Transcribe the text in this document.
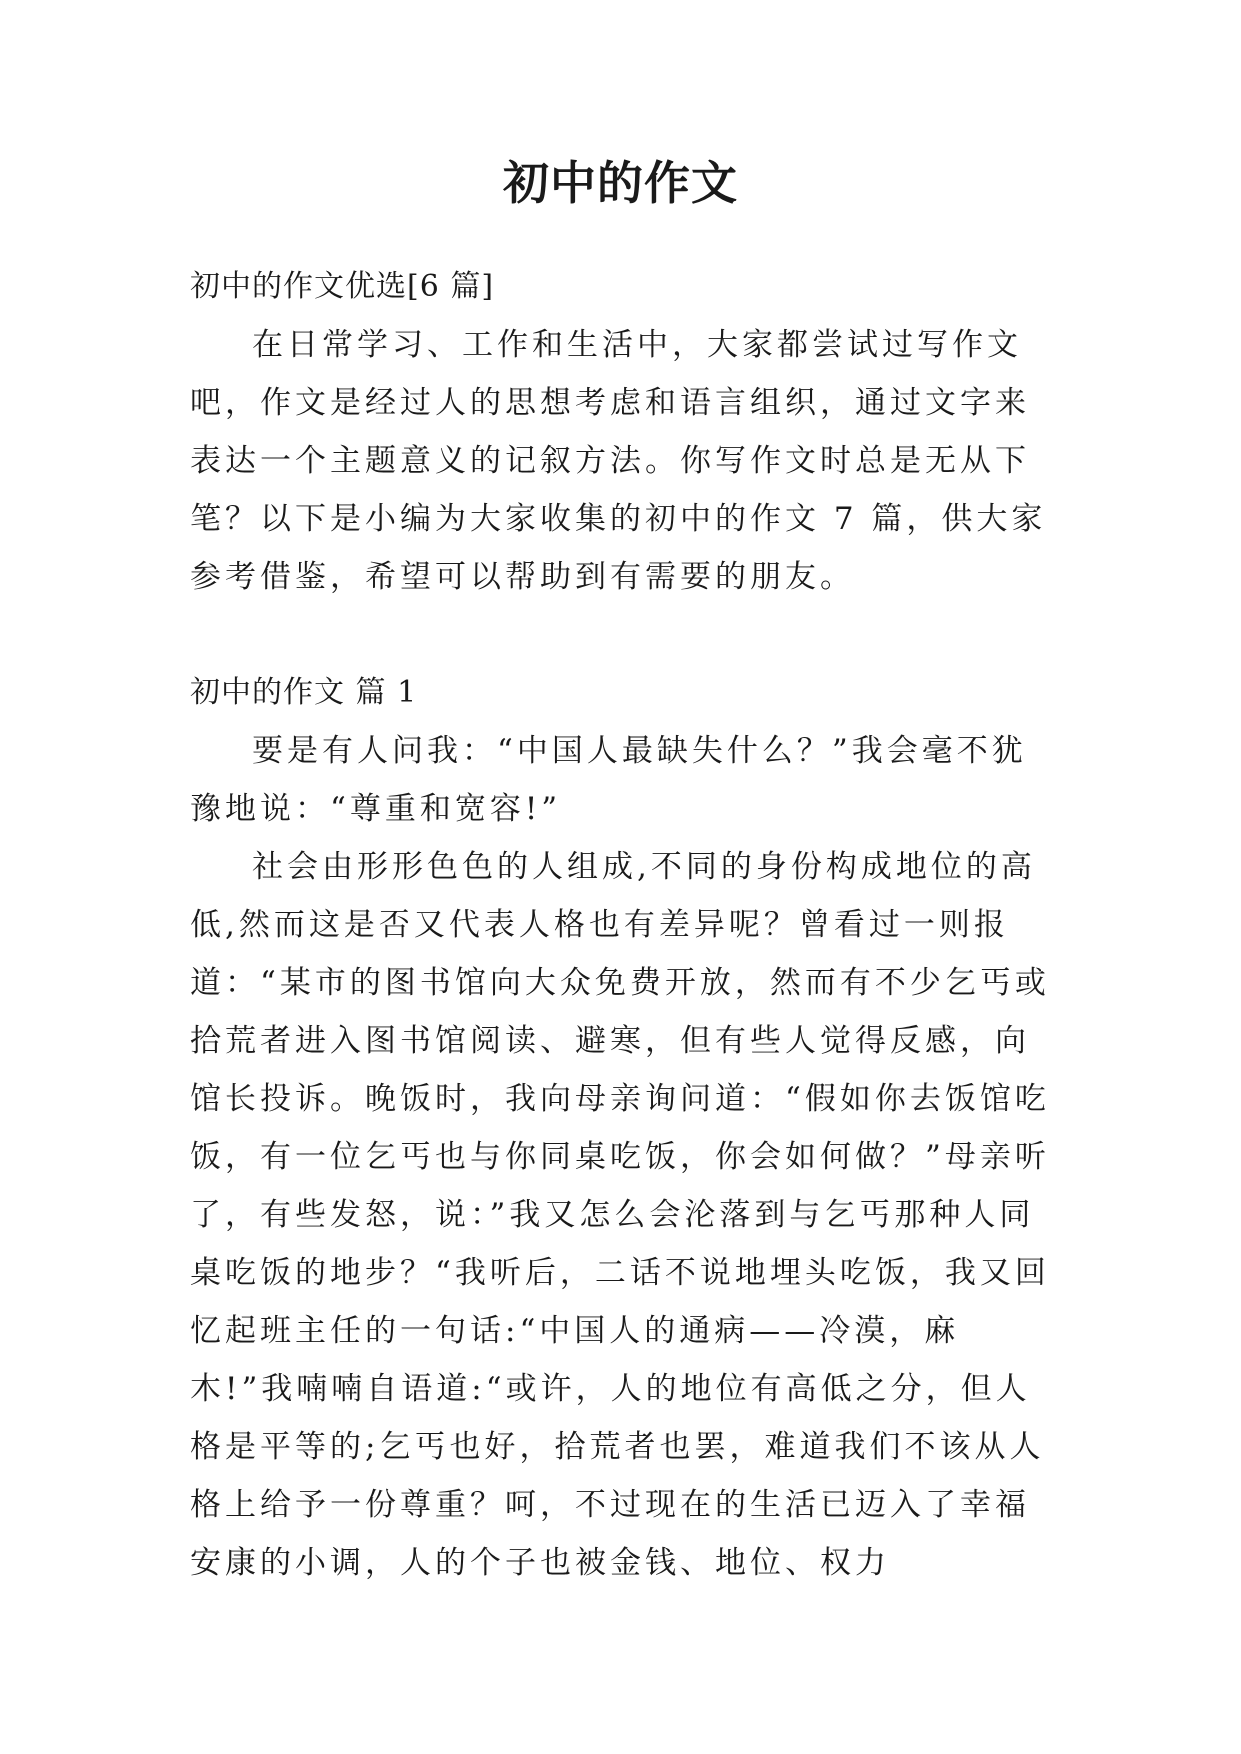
初中的作文

初中的作文优选[6 篇]

在日常学习、工作和生活中，大家都尝试过写作文吧，作文是经过人的思想考虑和语言组织，通过文字来表达一个主题意义的记叙方法。你写作文时总是无从下笔？以下是小编为大家收集的初中的作文 7 篇，供大家参考借鉴，希望可以帮助到有需要的朋友。

初中的作文 篇 1

要是有人问我：“中国人最缺失什么？”我会毫不犹豫地说：“尊重和宽容!”

社会由形形色色的人组成,不同的身份构成地位的高低,然而这是否又代表人格也有差异呢？曾看过一则报道：“某市的图书馆向大众免费开放，然而有不少乞丐或拾荒者进入图书馆阅读、避寒，但有些人觉得反感，向馆长投诉。晚饭时，我向母亲询问道：“假如你去饭馆吃饭，有一位乞丐也与你同桌吃饭，你会如何做？”母亲听了，有些发怒，说：”我又怎么会沦落到与乞丐那种人同桌吃饭的地步？“我听后，二话不说地埋头吃饭，我又回忆起班主任的一句话:“中国人的通病——冷漠，麻木!”我喃喃自语道:“或许，人的地位有高低之分，但人格是平等的;乞丐也好，拾荒者也罢，难道我们不该从人格上给予一份尊重？呵，不过现在的生活已迈入了幸福安康的小调，人的个子也被金钱、地位、权力
